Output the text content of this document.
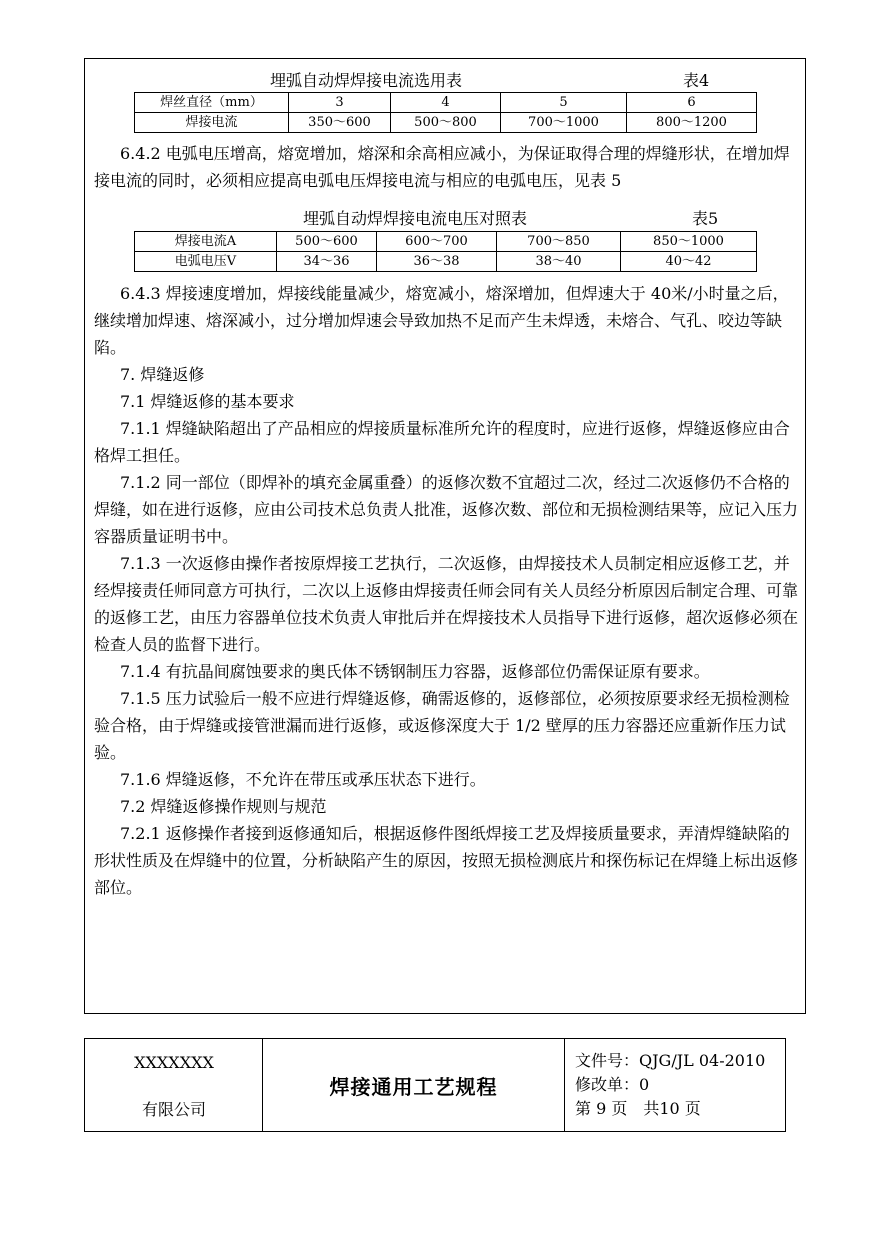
埋弧自动焊焊接电流选用表	表4
焊丝直径（mm）	3	4	5	6
焊接电流	350～600	500～800	700～1000	800～1200

6.4.2 电弧电压增高，熔宽增加，熔深和余高相应减小，为保证取得合理的焊缝形状，在增加焊接电流的同时，必须相应提高电弧电压焊接电流与相应的电弧电压，见表 5

埋弧自动焊焊接电流电压对照表	表5
焊接电流A	500～600	600～700	700～850	850～1000
电弧电压V	34～36	36～38	38～40	40～42

6.4.3 焊接速度增加，焊接线能量减少，熔宽减小，熔深增加，但焊速大于 40米/小时量之后，继续增加焊速、熔深减小，过分增加焊速会导致加热不足而产生未焊透，未熔合、气孔、咬边等缺陷。

7. 焊缝返修

7.1 焊缝返修的基本要求

7.1.1 焊缝缺陷超出了产品相应的焊接质量标准所允许的程度时，应进行返修，焊缝返修应由合格焊工担任。

7.1.2 同一部位（即焊补的填充金属重叠）的返修次数不宜超过二次，经过二次返修仍不合格的焊缝，如在进行返修，应由公司技术总负责人批准，返修次数、部位和无损检测结果等，应记入压力容器质量证明书中。

7.1.3 一次返修由操作者按原焊接工艺执行，二次返修，由焊接技术人员制定相应返修工艺，并经焊接责任师同意方可执行，二次以上返修由焊接责任师会同有关人员经分析原因后制定合理、可靠的返修工艺，由压力容器单位技术负责人审批后并在焊接技术人员指导下进行返修，超次返修必须在检查人员的监督下进行。

7.1.4 有抗晶间腐蚀要求的奥氏体不锈钢制压力容器，返修部位仍需保证原有要求。

7.1.5 压力试验后一般不应进行焊缝返修，确需返修的，返修部位，必须按原要求经无损检测检验合格，由于焊缝或接管泄漏而进行返修，或返修深度大于 1/2 壁厚的压力容器还应重新作压力试验。

7.1.6 焊缝返修，不允许在带压或承压状态下进行。

7.2 焊缝返修操作规则与规范

7.2.1 返修操作者接到返修通知后，根据返修件图纸焊接工艺及焊接质量要求，弄清焊缝缺陷的形状性质及在焊缝中的位置，分析缺陷产生的原因，按照无损检测底片和探伤标记在焊缝上标出返修部位。

XXXXXXX
有限公司
焊接通用工艺规程
文件号：QJG/JL 04-2010
修改单：0
第 9 页　共10 页
